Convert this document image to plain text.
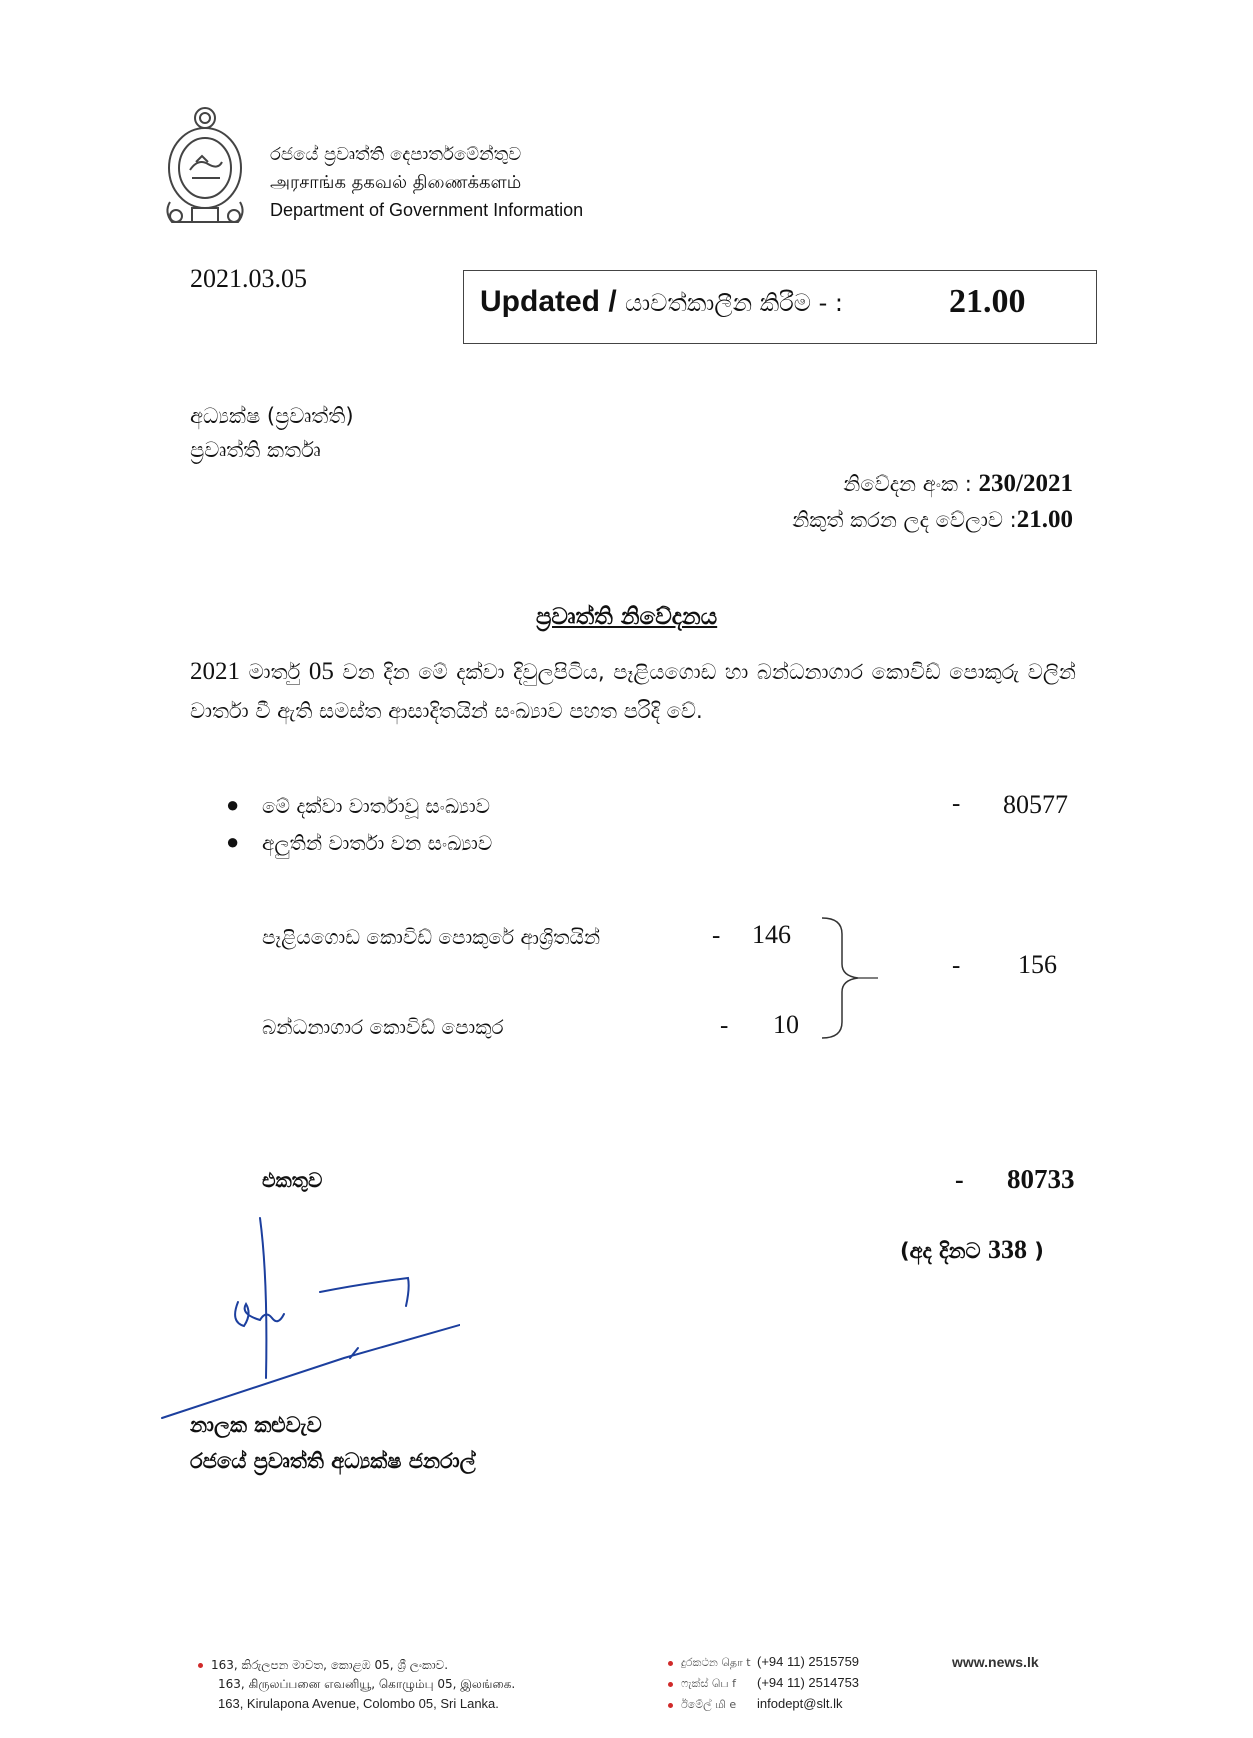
රජයේ ප්‍රවෘත්ති දෙපාර්තමේන්තුව
அரசாங்க தகவல் திணைக்களம்
Department of Government Information
2021.03.05
Updated / යාවත්කාලීන කිරීම - :	21.00
අධ්‍යක්ෂ (ප්‍රවෘත්ති)
ප්‍රවෘත්ති කර්තෘ
නිවේදන අංක : 230/2021
නිකුත් කරන ලද වේලාව :21.00
ප්‍රවෘත්ති නිවේදනය
2021 මාර්තු 05 වන දින මේ දක්වා දිවුලපිටිය, පෑළියගොඩ හා බන්ධනාගාර කොවිඩ් පොකුරු වලින් වාර්තා වී ඇති සමස්ත ආසාදිතයින් සංඛ්‍යාව පහත පරිදි වේ.
● මේ දක්වා වාර්තාවූ සංඛ්‍යාව	- 80577
● අලුතින් වාර්තා වන සංඛ්‍යාව
පෑළියගොඩ කොවිඩ් පොකුරේ ආශ්‍රිතයින්	- 146
බන්ධනාගාර කොවිඩ් පොකුර	- 10
- 156
එකතුව	- 80733
(අද දිනට 338 )
නාලක කළුවැව
රජයේ ප්‍රවෘත්ති අධ්‍යක්ෂ ජනරාල්
163, කිරුලපන මාවත, කොළඹ 05, ශ්‍රී ලංකාව.
163, கிருலப்பனை எவனியூ, கொழும்பு 05, இலங்கை.
163, Kirulapona Avenue, Colombo 05, Sri Lanka.
දුරකථන தொ t (+94 11) 2515759
ෆැක්ස් பெ f (+94 11) 2514753
ඊමේල් மி e infodept@slt.lk
www.news.lk
